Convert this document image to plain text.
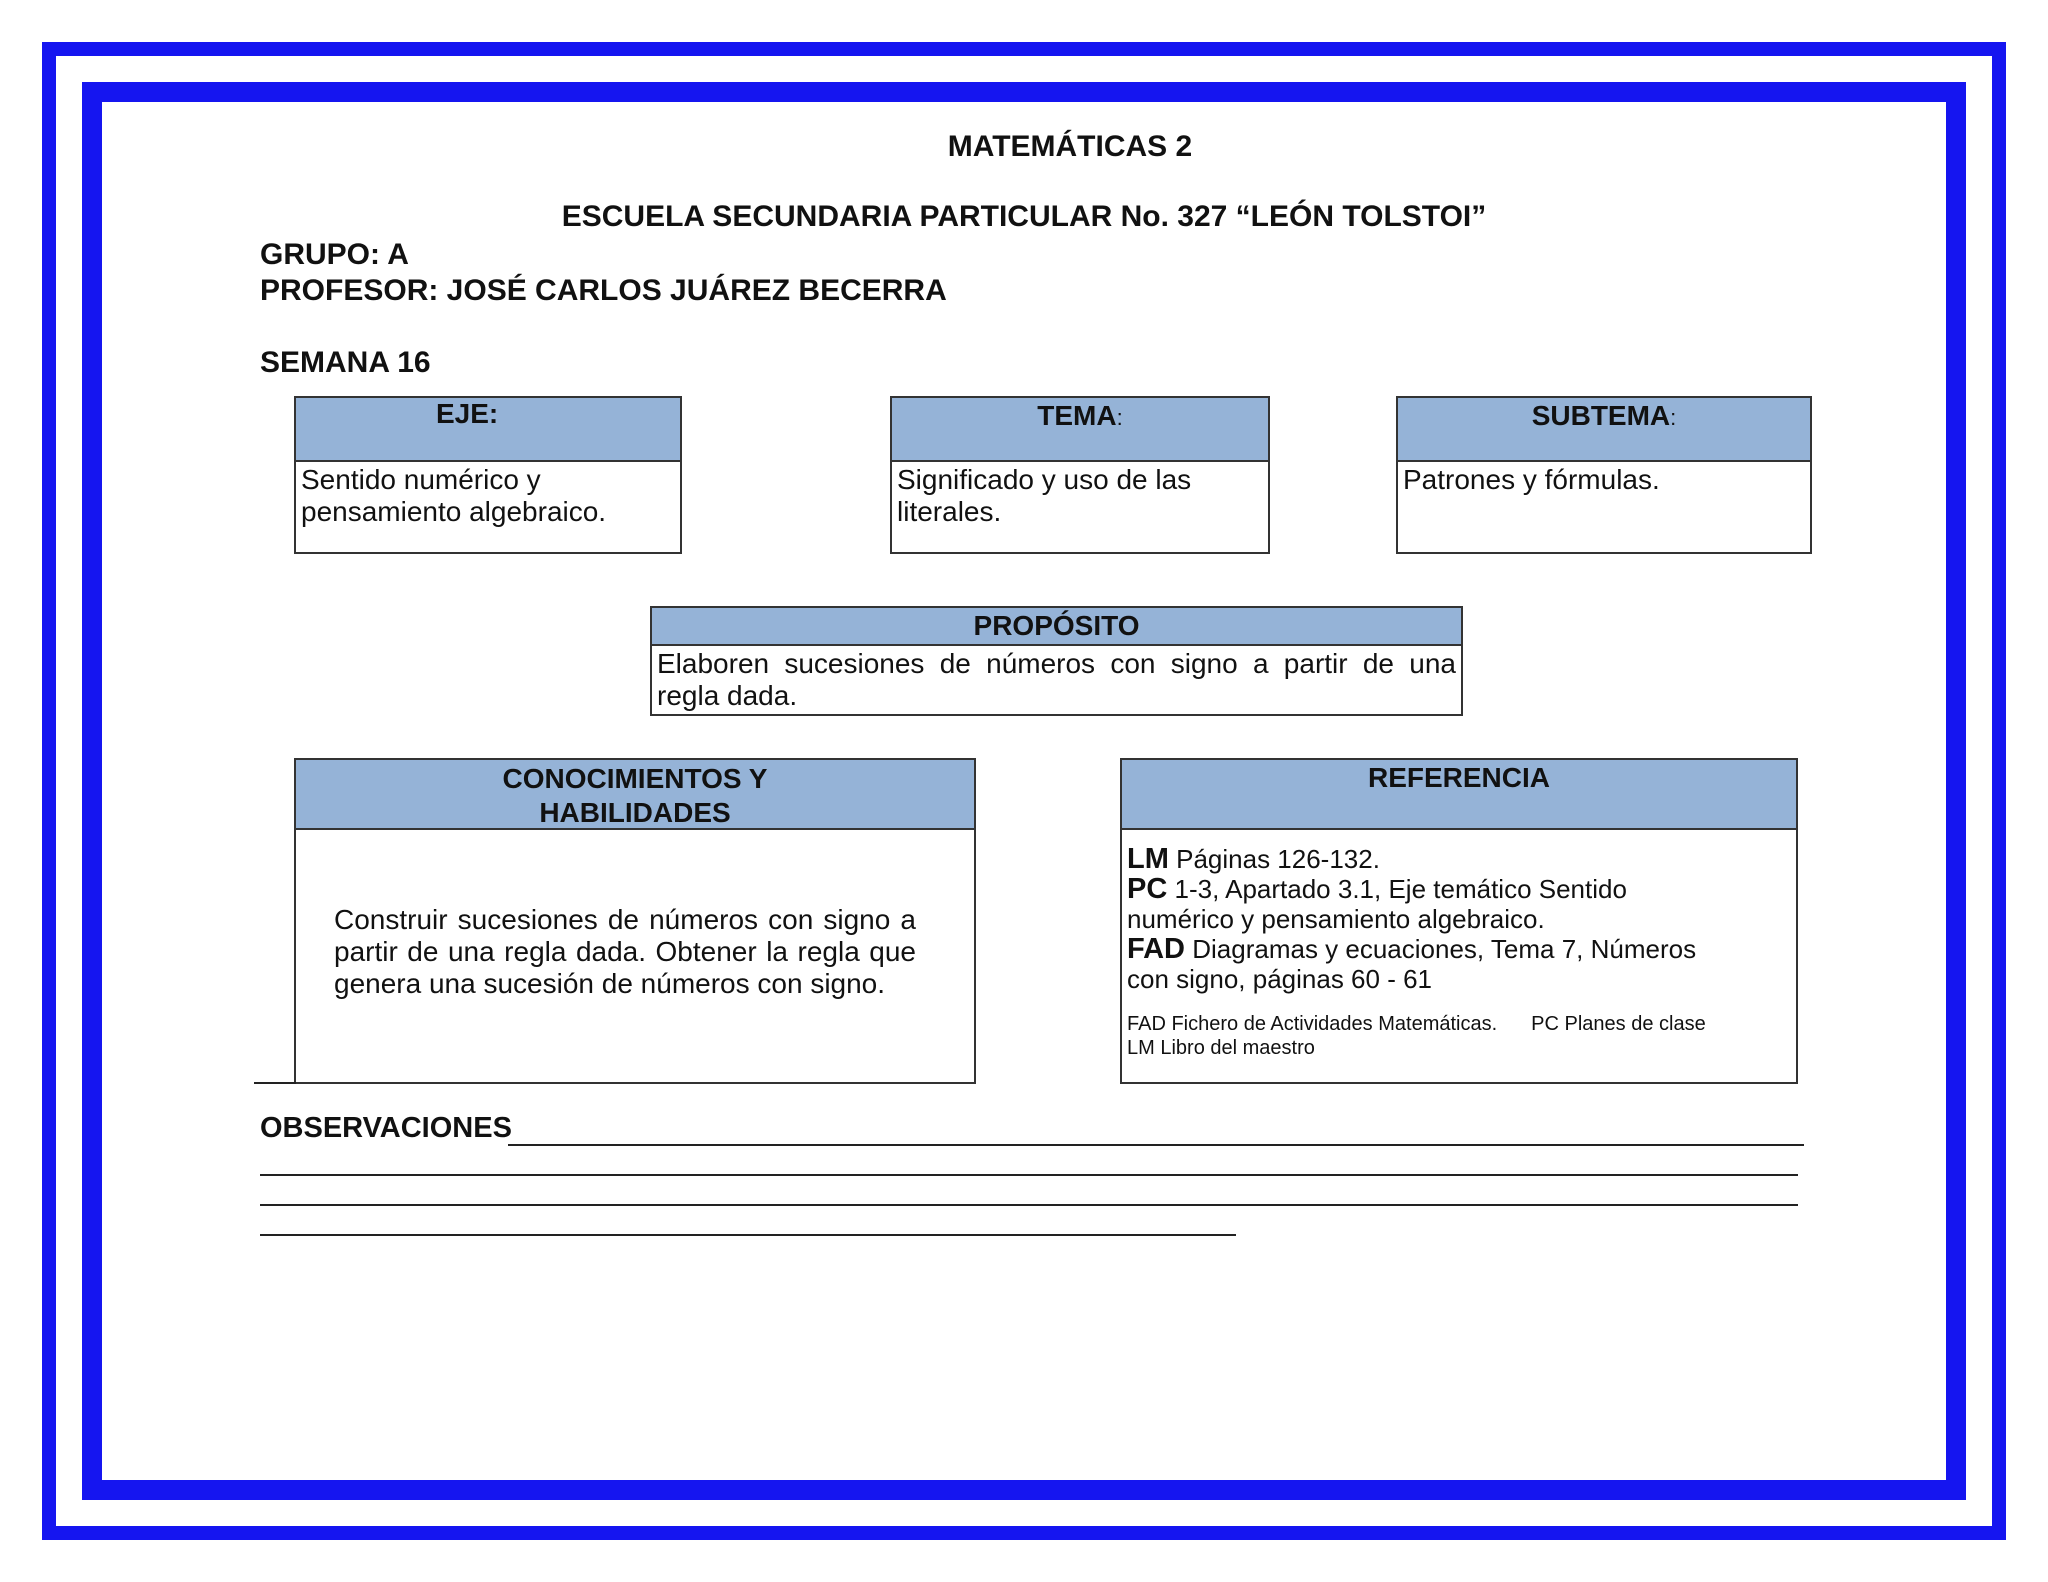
MATEMÁTICAS 2
ESCUELA SECUNDARIA PARTICULAR No. 327 “LEÓN TOLSTOI”
GRUPO: A
PROFESOR: JOSÉ CARLOS JUÁREZ BECERRA
SEMANA 16
EJE:
Sentido numérico y pensamiento algebraico.
TEMA:
Significado y uso de las literales.
SUBTEMA:
Patrones y fórmulas.
PROPÓSITO
Elaboren sucesiones de números con signo a partir de una regla dada.
CONOCIMIENTOS Y
HABILIDADES
Construir sucesiones de números con signo a partir de una regla dada. Obtener la regla que genera una sucesión de números con signo.
REFERENCIA
LM Páginas 126-132.
PC 1-3, Apartado 3.1, Eje temático Sentido numérico y pensamiento algebraico.
FAD Diagramas y ecuaciones, Tema 7, Números con signo, páginas 60 - 61
FAD Fichero de Actividades Matemáticas. PC Planes de clase
LM Libro del maestro
OBSERVACIONES
